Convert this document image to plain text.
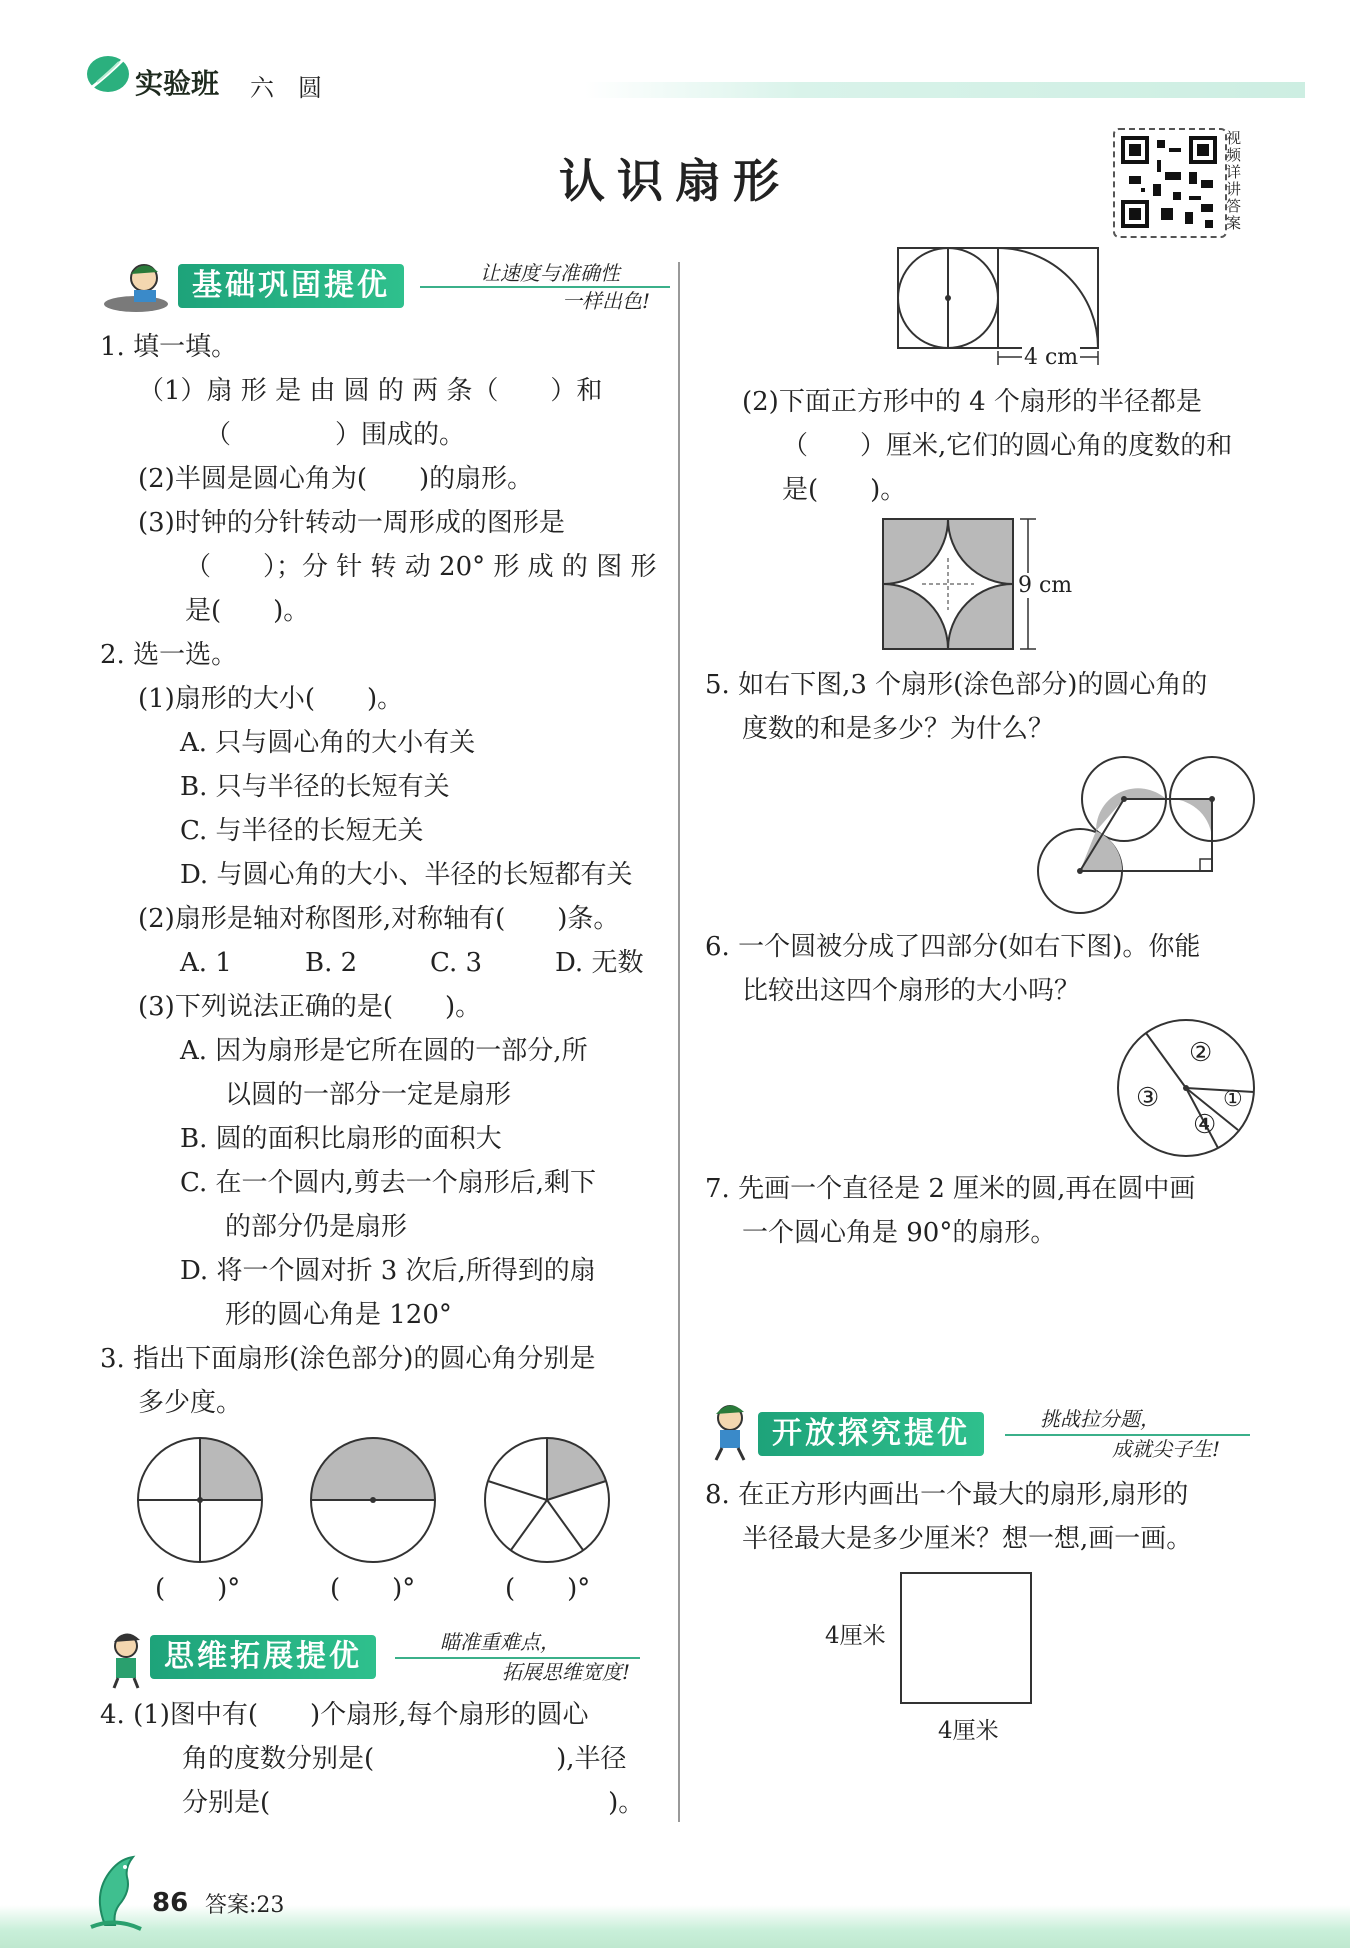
实验班 六　圆
认识扇形
视频详讲答案
基础巩固提优	让速度与准确性
一样出色!
1. 填一填。
（1）扇 形 是 由 圆 的 两 条（　　）和
（　　　　）围成的。
(2)半圆是圆心角为(　　)的扇形。
(3)时钟的分针转动一周形成的图形是
（　　）；分 针 转 动 20° 形 成 的 图 形
是(　　)。
2. 选一选。
(1)扇形的大小(　　)。
A. 只与圆心角的大小有关
B. 只与半径的长短有关
C. 与半径的长短无关
D. 与圆心角的大小、半径的长短都有关
(2)扇形是轴对称图形,对称轴有(　　)条。
A. 1	B. 2	C. 3	D. 无数
(3)下列说法正确的是(　　)。
A. 因为扇形是它所在圆的一部分,所
以圆的一部分一定是扇形
B. 圆的面积比扇形的面积大
C. 在一个圆内,剪去一个扇形后,剩下
的部分仍是扇形
D. 将一个圆对折 3 次后,所得到的扇
形的圆心角是 120°
3. 指出下面扇形(涂色部分)的圆心角分别是
多少度。
(　　)°	(　　)°	(　　)°
思维拓展提优	瞄准重难点，
拓展思维宽度!
4. (1)图中有(　　)个扇形,每个扇形的圆心
角的度数分别是(　　　　　　　),半径
分别是(　　　　　　　　　　　　　)。
4 cm
(2)下面正方形中的 4 个扇形的半径都是
（　　）厘米,它们的圆心角的度数的和
是(　　)。
9 cm
5. 如右下图,3 个扇形(涂色部分)的圆心角的
度数的和是多少？为什么？
6. 一个圆被分成了四部分(如右下图)。你能
比较出这四个扇形的大小吗？
②
③	①
④
7. 先画一个直径是 2 厘米的圆,再在圆中画
一个圆心角是 90°的扇形。
开放探究提优	挑战拉分题，
成就尖子生!
8. 在正方形内画出一个最大的扇形,扇形的
半径最大是多少厘米？想一想,画一画。
4厘米
4厘米
86 答案:23
